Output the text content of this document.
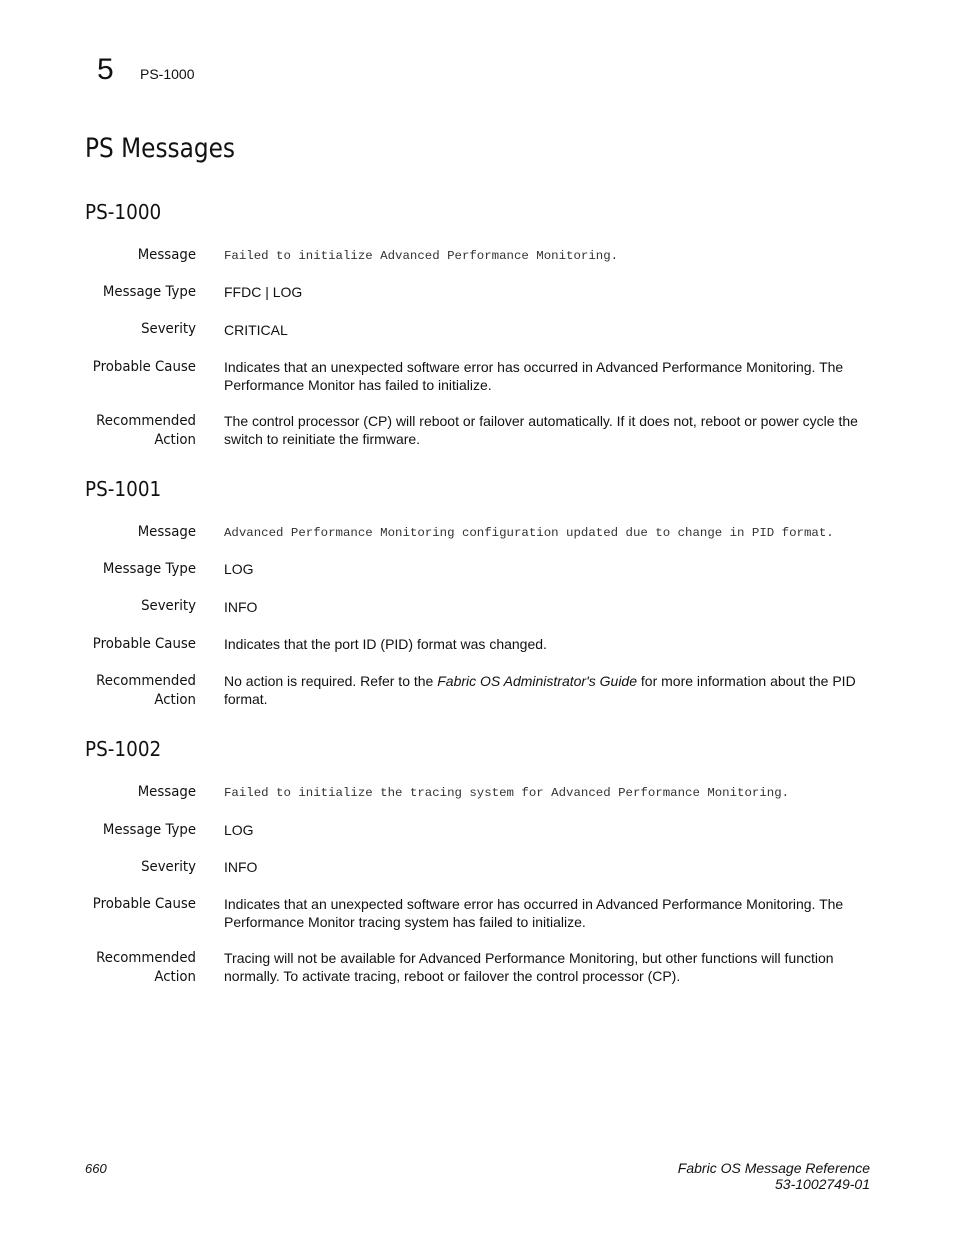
5 PS-1000
PS Messages
PS-1000
Message Failed to initialize Advanced Performance Monitoring.
Message Type FFDC | LOG
Severity CRITICAL
Probable Cause Indicates that an unexpected software error has occurred in Advanced Performance Monitoring. The Performance Monitor has failed to initialize.
Recommended
Action
The control processor (CP) will reboot or failover automatically. If it does not, reboot or power cycle the switch to reinitiate the firmware.
PS-1001
Message Advanced Performance Monitoring configuration updated due to change in PID format.
Message Type LOG
Severity INFO
Probable Cause Indicates that the port ID (PID) format was changed.
Recommended
Action
No action is required. Refer to the Fabric OS Administrator's Guide for more information about the PID format.
PS-1002
Message Failed to initialize the tracing system for Advanced Performance Monitoring.
Message Type LOG
Severity INFO
Probable Cause Indicates that an unexpected software error has occurred in Advanced Performance Monitoring. The Performance Monitor tracing system has failed to initialize.
Recommended
Action
Tracing will not be available for Advanced Performance Monitoring, but other functions will function normally. To activate tracing, reboot or failover the control processor (CP).
660	Fabric OS Message Reference
53-1002749-01
